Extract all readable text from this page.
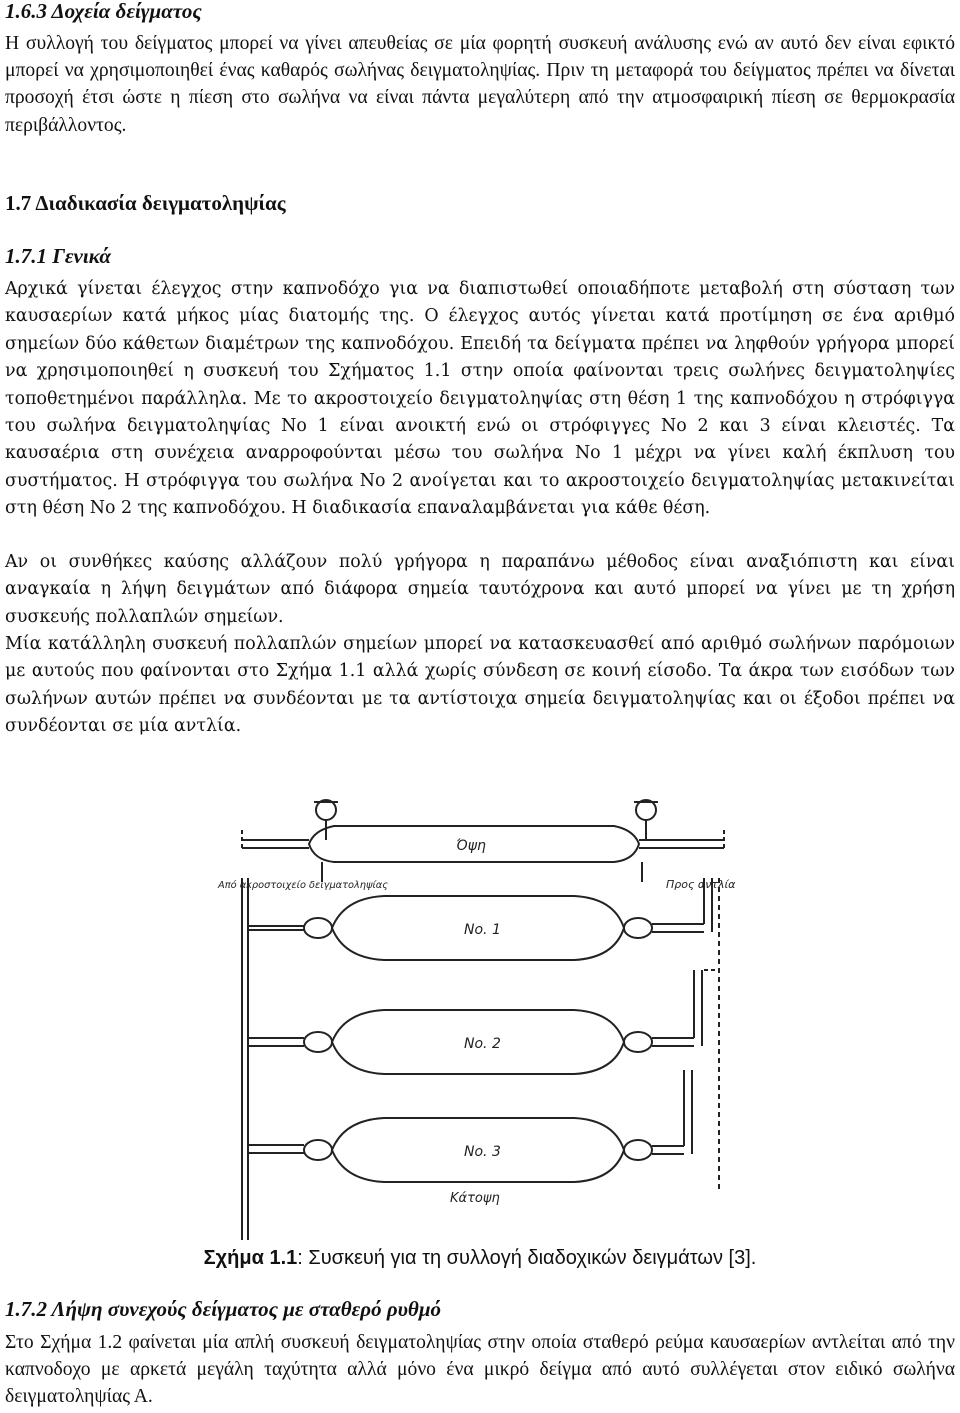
1.6.3 Δοχεία δείγματος

Η συλλογή του δείγματος μπορεί να γίνει απευθείας σε μία φορητή συσκευή ανάλυσης ενώ αν αυτό δεν είναι εφικτό μπορεί να χρησιμοποιηθεί ένας καθαρός σωλήνας δειγματοληψίας. Πριν τη μεταφορά του δείγματος πρέπει να δίνεται προσοχή έτσι ώστε η πίεση στο σωλήνα να είναι πάντα μεγαλύτερη από την ατμοσφαιρική πίεση σε θερμοκρασία περιβάλλοντος.

1.7 Διαδικασία δειγματοληψίας
1.7.1 Γενικά

Αρχικά γίνεται έλεγχος στην καπνοδόχο για να διαπιστωθεί οποιαδήποτε μεταβολή στη σύσταση των καυσαερίων κατά μήκος μίας διατομής της. Ο έλεγχος αυτός γίνεται κατά προτίμηση σε ένα αριθμό σημείων δύο κάθετων διαμέτρων της καπνοδόχου. Επειδή τα δείγματα πρέπει να ληφθούν γρήγορα μπορεί να χρησιμοποιηθεί η συσκευή του Σχήματος 1.1 στην οποία φαίνονται τρεις σωλήνες δειγματοληψίες τοποθετημένοι παράλληλα. Με το ακροστοιχείο δειγματοληψίας στη θέση 1 της καπνοδόχου η στρόφιγγα του σωλήνα δειγματοληψίας Νο 1 είναι ανοικτή ενώ οι στρόφιγγες Νο 2 και 3 είναι κλειστές. Τα καυσαέρια στη συνέχεια αναρροφούνται μέσω του σωλήνα Νο 1 μέχρι να γίνει καλή έκπλυση του συστήματος. Η στρόφιγγα του σωλήνα Νο 2 ανοίγεται και το ακροστοιχείο δειγματοληψίας μετακινείται στη θέση Νο 2 της καπνοδόχου. Η διαδικασία επαναλαμβάνεται για κάθε θέση.

Αν οι συνθήκες καύσης αλλάζουν πολύ γρήγορα η παραπάνω μέθοδος είναι αναξιόπιστη και είναι αναγκαία η λήψη δειγμάτων από διάφορα σημεία ταυτόχρονα και αυτό μπορεί να γίνει με τη χρήση συσκευής πολλαπλών σημείων.

Μία κατάλληλη συσκευή πολλαπλών σημείων μπορεί να κατασκευασθεί από αριθμό σωλήνων παρόμοιων με αυτούς που φαίνονται στο Σχήμα 1.1 αλλά χωρίς σύνδεση σε κοινή είσοδο. Τα άκρα των εισόδων των σωλήνων αυτών πρέπει να συνδέονται με τα αντίστοιχα σημεία δειγματοληψίας και οι έξοδοι πρέπει να συνδέονται σε μία αντλία.

Όψη
Από ακροστοιχείο δειγματοληψίας	Προς αντλία
No. 1
No. 2
No. 3
Κάτοψη
Σχήμα 1.1: Συσκευή για τη συλλογή διαδοχικών δειγμάτων [3].
1.7.2 Λήψη συνεχούς δείγματος με σταθερό ρυθμό

Στο Σχήμα 1.2 φαίνεται μία απλή συσκευή δειγματοληψίας στην οποία σταθερό ρεύμα καυσαερίων αντλείται από την καπνοδοχο με αρκετά μεγάλη ταχύτητα αλλά μόνο ένα μικρό δείγμα από αυτό συλλέγεται στον ειδικό σωλήνα δειγματοληψίας Α.
